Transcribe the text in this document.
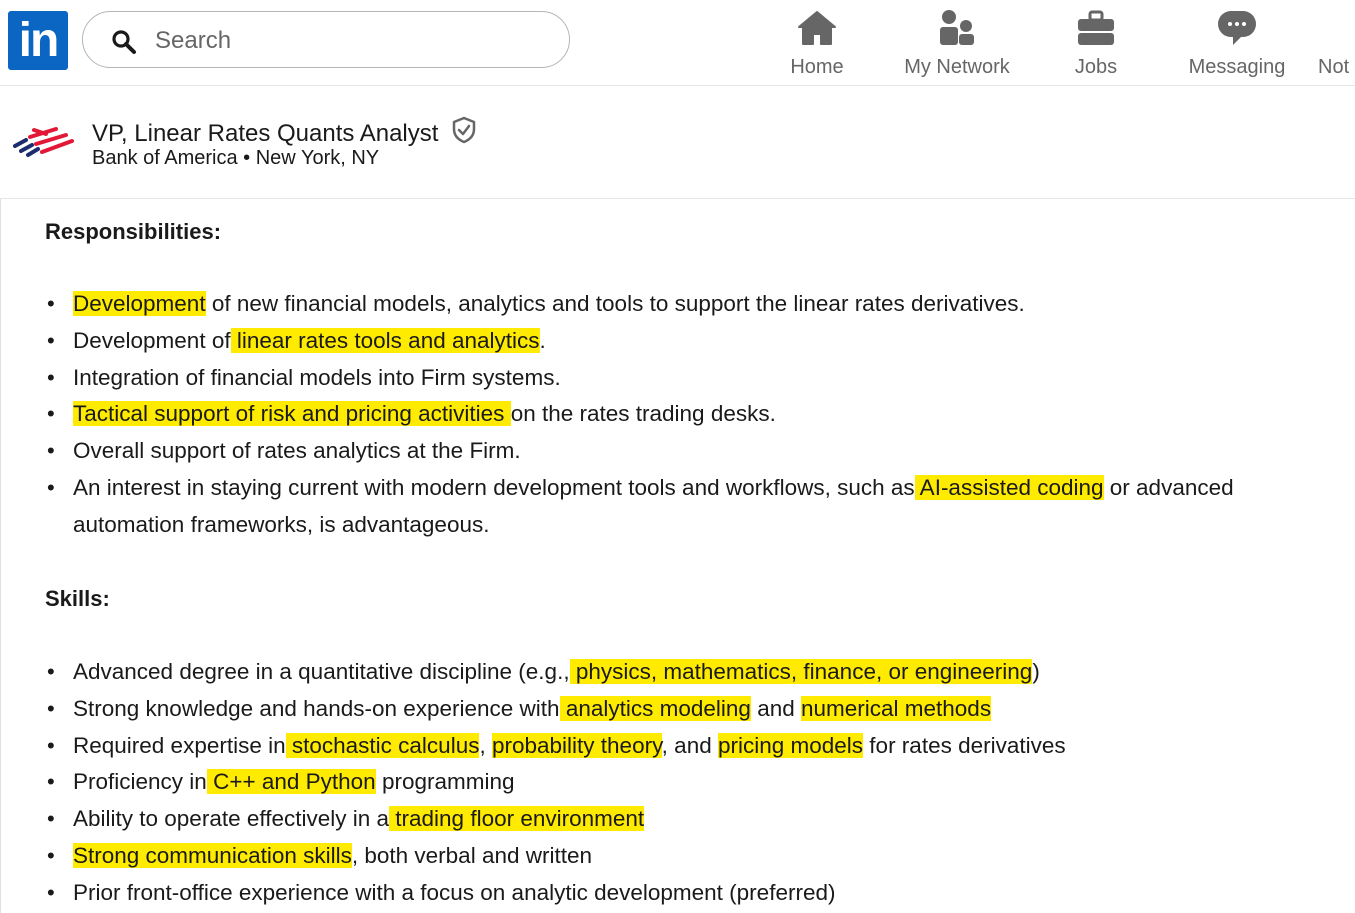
in
Search	Home	My Network	Jobs	Messaging Not
VP, Linear Rates Quants Analyst
Bank of America • New York, NY
Responsibilities:
• Development of new financial models, analytics and tools to support the linear rates derivatives.
• Development of linear rates tools and analytics.
• Integration of financial models into Firm systems.
• Tactical support of risk and pricing activities on the rates trading desks.
• Overall support of rates analytics at the Firm.
• An interest in staying current with modern development tools and workflows, such as AI-assisted coding or advanced automation frameworks, is advantageous.
Skills:
• Advanced degree in a quantitative discipline (e.g., physics, mathematics, finance, or engineering)
• Strong knowledge and hands-on experience with analytics modeling and numerical methods
• Required expertise in stochastic calculus, probability theory, and pricing models for rates derivatives
• Proficiency in C++ and Python programming
• Ability to operate effectively in a trading floor environment
• Strong communication skills, both verbal and written
• Prior front-office experience with a focus on analytic development (preferred)
